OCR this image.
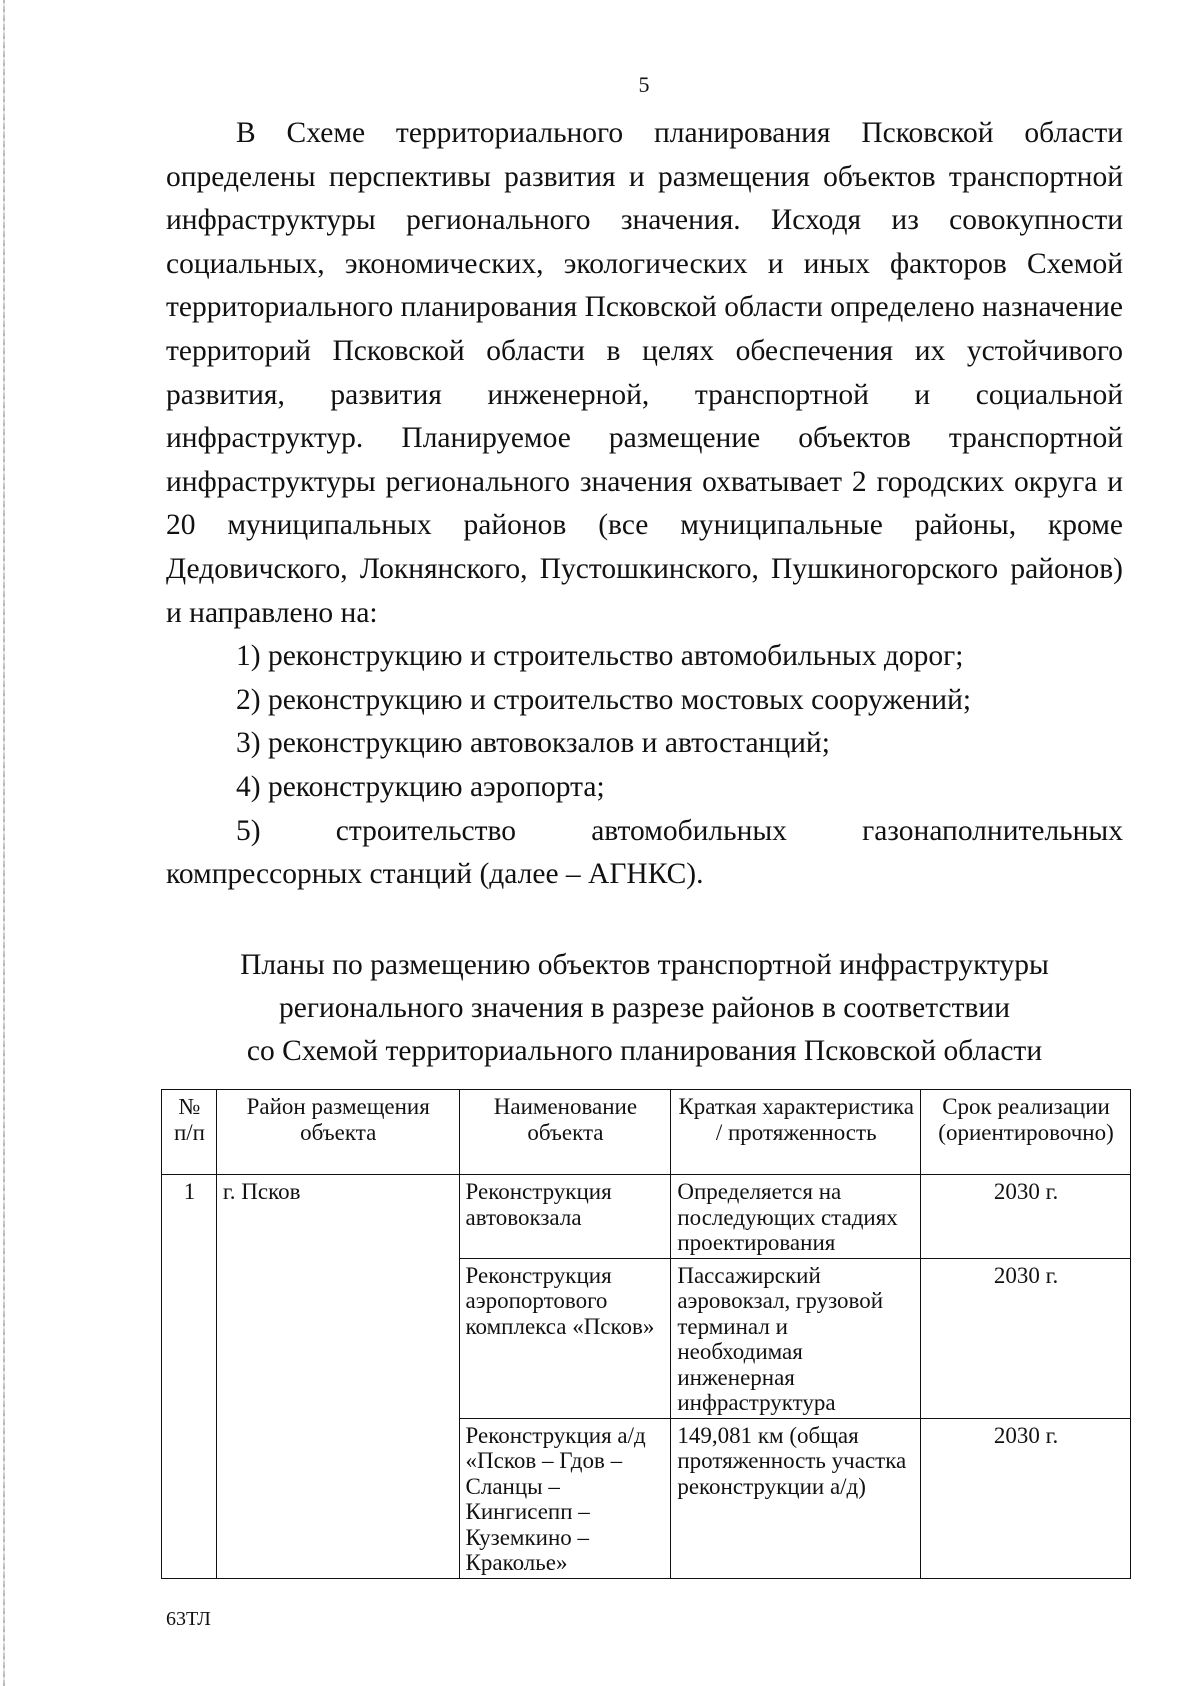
5

В Схеме территориального планирования Псковской области определены перспективы развития и размещения объектов транспортной инфраструктуры регионального значения. Исходя из совокупности социальных, экономических, экологических и иных факторов Схемой территориального планирования Псковской области определено назначение территорий Псковской области в целях обеспечения их устойчивого развития, развития инженерной, транспортной и социальной инфраструктур. Планируемое размещение объектов транспортной инфраструктуры регионального значения охватывает 2 городских округа и 20 муниципальных районов (все муниципальные районы, кроме Дедовичского, Локнянского, Пустошкинского, Пушкиногорского районов) и направлено на:

1) реконструкцию и строительство автомобильных дорог;

2) реконструкцию и строительство мостовых сооружений;

3) реконструкцию автовокзалов и автостанций;

4) реконструкцию аэропорта;

5) строительство автомобильных газонаполнительных компрессорных станций (далее – АГНКС).

Планы по размещению объектов транспортной инфраструктуры
регионального значения в разрезе районов в соответствии
со Схемой территориального планирования Псковской области
№ п/п	Район размещения объекта	Наименование объекта	Краткая характеристика / протяженность	Срок реализации (ориентировочно)
1	г. Псков	Реконструкция автовокзала	Определяется на последующих стадиях проектирования	2030 г.
		Реконструкция аэропортового комплекса «Псков»	Пассажирский аэровокзал, грузовой терминал и необходимая инженерная инфраструктура	2030 г.
		Реконструкция а/д «Псков – Гдов – Сланцы – Кингисепп – Куземкино – Краколье»	149,081 км (общая протяженность участка реконструкции а/д)	2030 г.
63ТЛ
